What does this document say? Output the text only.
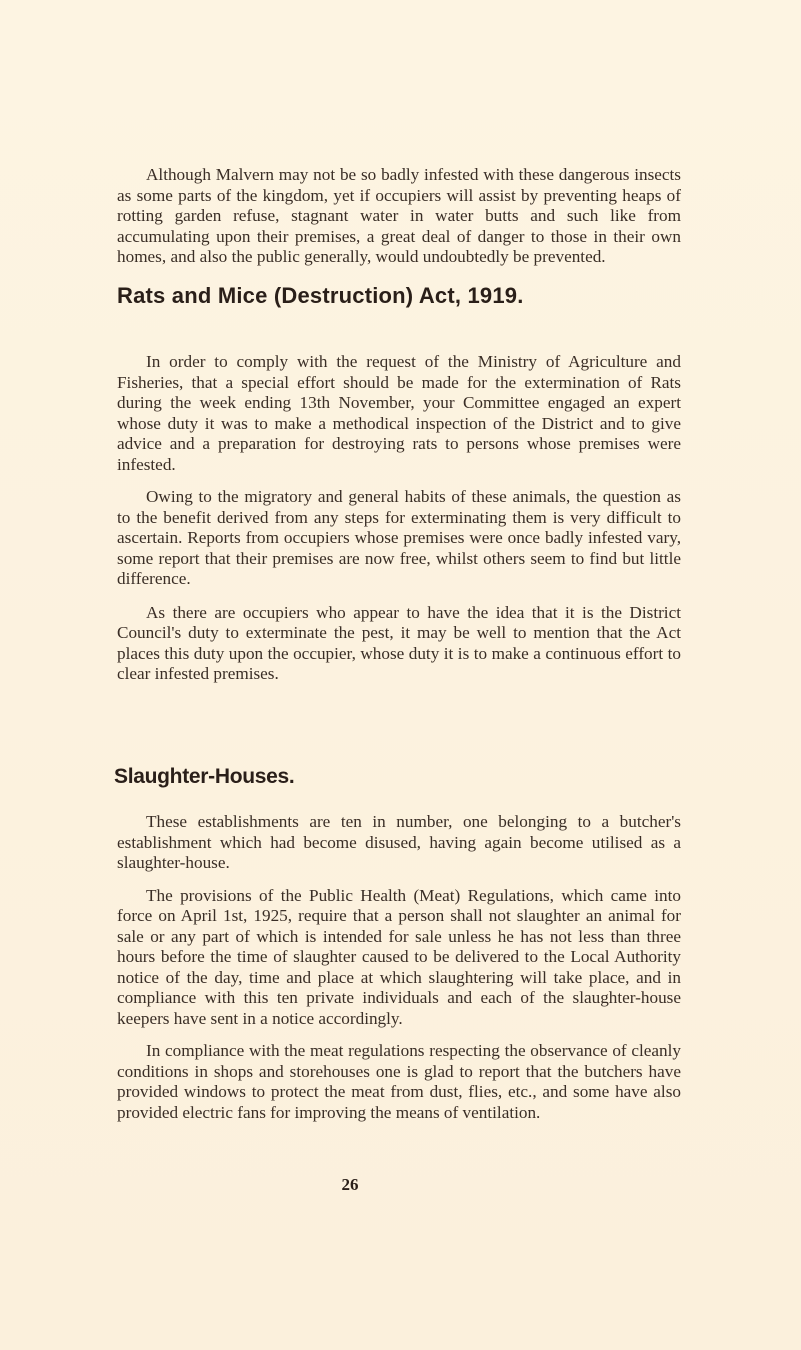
Although Malvern may not be so badly infested with these dangerous insects as some parts of the kingdom, yet if occupiers will assist by preventing heaps of rotting garden refuse, stagnant water in water butts and such like from accumulating upon their premises, a great deal of danger to those in their own homes, and also the public generally, would undoubtedly be prevented.

Rats and Mice (Destruction) Act, 1919.

In order to comply with the request of the Ministry of Agriculture and Fisheries, that a special effort should be made for the extermination of Rats during the week ending 13th November, your Committee engaged an expert whose duty it was to make a methodical inspection of the District and to give advice and a preparation for destroying rats to persons whose premises were infested.

Owing to the migratory and general habits of these animals, the question as to the benefit derived from any steps for exterminating them is very difficult to ascertain. Reports from occupiers whose premises were once badly infested vary, some report that their premises are now free, whilst others seem to find but little difference.

As there are occupiers who appear to have the idea that it is the District Council's duty to exterminate the pest, it may be well to mention that the Act places this duty upon the occupier, whose duty it is to make a continuous effort to clear infested premises.

Slaughter-Houses.

These establishments are ten in number, one belonging to a butcher's establishment which had become disused, having again become utilised as a slaughter-house.

The provisions of the Public Health (Meat) Regulations, which came into force on April 1st, 1925, require that a person shall not slaughter an animal for sale or any part of which is intended for sale unless he has not less than three hours before the time of slaughter caused to be delivered to the Local Authority notice of the day, time and place at which slaughtering will take place, and in compliance with this ten private individuals and each of the slaughter-house keepers have sent in a notice accordingly.

In compliance with the meat regulations respecting the observance of cleanly conditions in shops and storehouses one is glad to report that the butchers have provided windows to protect the meat from dust, flies, etc., and some have also provided electric fans for improving the means of ventilation.

26
